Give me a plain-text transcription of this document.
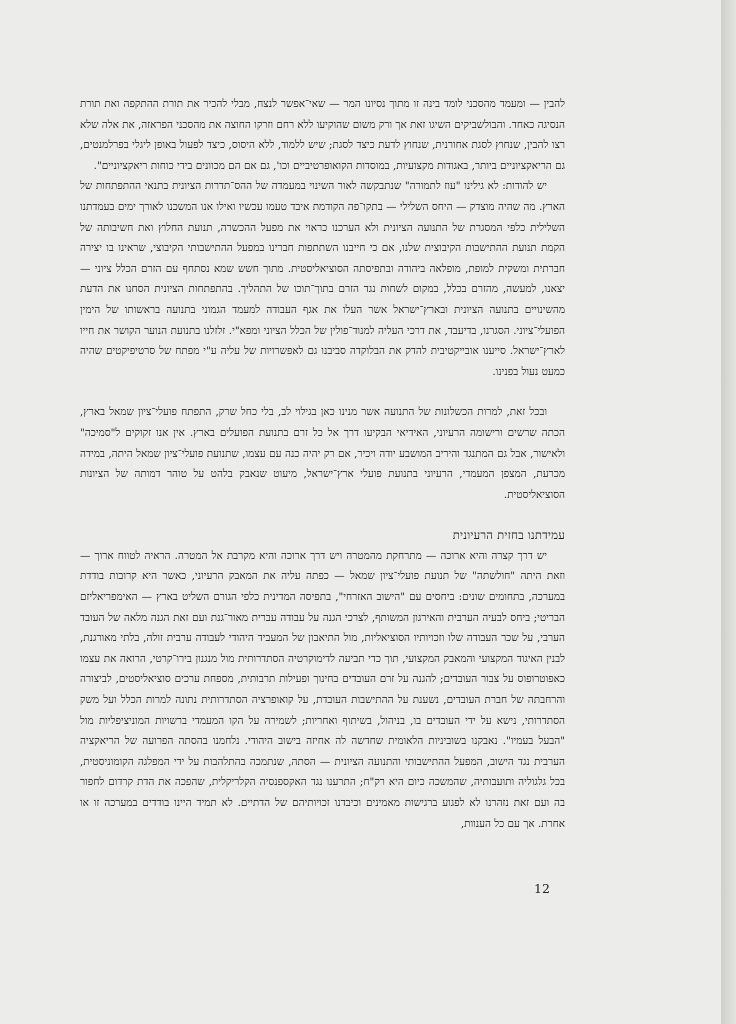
להבין — ומעמד מהסכני לומד בינה זו מתוך נסיונו המר — שאי־אפשר לנצח, מבלי להכיר את תורת ההתקפה ואת תורת הנסיגה כאחד. והבולשביקים השיגו זאת אך ורק משום שהוקיעו ללא רחם וזרקו החוצה את מהסכני הפראזה, את אלה שלא רצו להבין, שנחוץ לסגת אחורנית, שנחוץ לדעת כיצד לסגת; שיש ללמוד, ללא היסוס, כיצד לפעול באופן ליגלי בפרלמנטים, גם הריאקציוניים ביותר, באגודות מקצועיות, במוסדות הקואופרטיביים וכו', גם אם הם מכוונים בידי כוחות ריאקציוניים".

יש להודות: לא גילינו "עוז לתמורה" שנתבקשה לאור השינוי במעמדה של ההס־תדרות הציונית בתנאי ההתפתחות של הארץ. מה שהיה מוצדק — היחס השלילי — בתקו־פה הקודמת איבד טעמו עכשיו ואילו אנו המשכנו לאורך ימים בעמדתנו השלילית כלפי המסגרת של התנועה הציונית ולא הערכנו כראוי את מפעל ההכשרה, תנועת החלוץ ואת חשיבותה של הקמת תנועת ההתישבות הקיבוצית שלנו, אם כי חייבנו השתתפות חברינו במפעל ההתישבותי הקיבוצי, שראינו בו יצירה חברתית ומשקית למופת, מופלאה ביהודה ובתפיסתה הסוציאליסטית. מתוך חשש שמא נסתחף עם הזרם הכלל ציוני — יצאנו, למעשה, מהזרם בכלל, במקום לשחות נגד הזרם בתוך־תוכו של התהליך. בהתפתחות הציונית הסחנו את הדעת מהשינויים בתנועה הציונית ובארץ־ישראל אשר העלו את אגף העבודה למעמד הגמוני בתנועה בראשותו של הימין הפועלי־ציוני. הסגרנו, בדיעבד, את דרכי העליה למנוד־פולין של הכלל הציוני ומפא"י. זלזלנו בתנועת הנוער הקושר את חייו לארץ־ישראל. סייענו אובייקטיבית להדק את הבלוקדה סביבנו גם לאפשרויות של עליה ע"י מפתח של סרטיפיקטים שהיה כמעט נעול בפנינו.

ובכל זאת, למרות הכשלונות של התנועה אשר מנינו כאן בגילוי לב, בלי כחל שרק, התפתח פועלי־ציון שמאל בארץ, הכתה שרשים ורישומה הרעיוני, האידיאי הבקיעו דרך אל כל זרם בתנועת הפועלים בארץ. אין אנו זקוקים ל"סמיכה" ולאישור, אבל גם המתנגד והיריב המושבע יודה ויכיר, אם רק יהיה כנה עם עצמו, שתנועת פועלי־ציון שמאל היתה, במידה מכרעת, המצפן המעמדי, הרעיוני בתנועת פועלי ארץ־ישראל, מיעוט שנאבק בלהט על טוהר דמותה של הציונות הסוציאליסטית.

עמידתנו בחזית הרעיונית

יש דרך קצרה והיא ארוכה — מתרחקת מהמטרה ויש דרך ארוכה והיא מקרבת אל המטרה. הראיה לטווח ארוך — וזאת היתה "חולשתה" של תנועת פועלי־ציון שמאל — כפתה עליה את המאבק הרעיוני, כאשר היא קרובות בודדת במערכה, בתחומים שונים: ביחסים עם "הישוב האזרחי", בתפיסה המדינית כלפי הגורם השליט בארץ — האימפריאליזם הבריטי; ביחס לבעיה הערבית והאירגון המשותף, לצרכי הגנה על עבודה עברית מאור־גנת ועם זאת הגנה מלאה של העובד הערבי, על שכר העבודה שלו וזכויותיו הסוציאליות, מול התיאבון של המעביד היהודי לעבודה ערבית זולה, בלתי מאורגנת, לבנין האיגוד המקצועי והמאבק המקצועי, תוך כדי תביעה לדימוקרטיה הסתדרותית מול מנגנון בירו־קרטי, הרואה את עצמו כאפוטרופוס על צבור העובדים; להגנה על זרם העובדים בחינוך ופעילות תרבותית, מספחת ערכים סוציאליסטים, לביצורה והרחבתה של חברת העובדים, נשענת על ההתישבות העובדת, על קואופרציה הסתדרותית נתונה למרות הכלל ועל משק הסתדרותי, נישא על ידי העובדים בו, בניהול, בשיתוף ואחריות; לשמירה על הקו המעמדי ברשויות המוניציפליות מול "הבעל בעמיו". נאבקנו בשוביניות הלאומית שחדשה לה אחיזה בישוב היהודי. נלחמנו בהסתה הפרועה של הריאקציה הערבית נגד הישוב, המפעל ההתישבותי והתנועה הציונית — הסתה, שנתמכה בהתלהבות על ידי המפלגה הקומוניסטית, בכל גלגוליה ותועבותיה, שהמשכה כיום היא רק"ח; התרענו נגד האקספנסיה הקלריקלית, שהפכה את הדת קרדום לחפור בה ועם זאת נזהרנו לא לפגוע ברגישות מאמינים וכיבדנו זכויותיהם של הדתיים. לא תמיד היינו בודדים במערכה זו או אחרת. אך עם כל הענוות,

12
